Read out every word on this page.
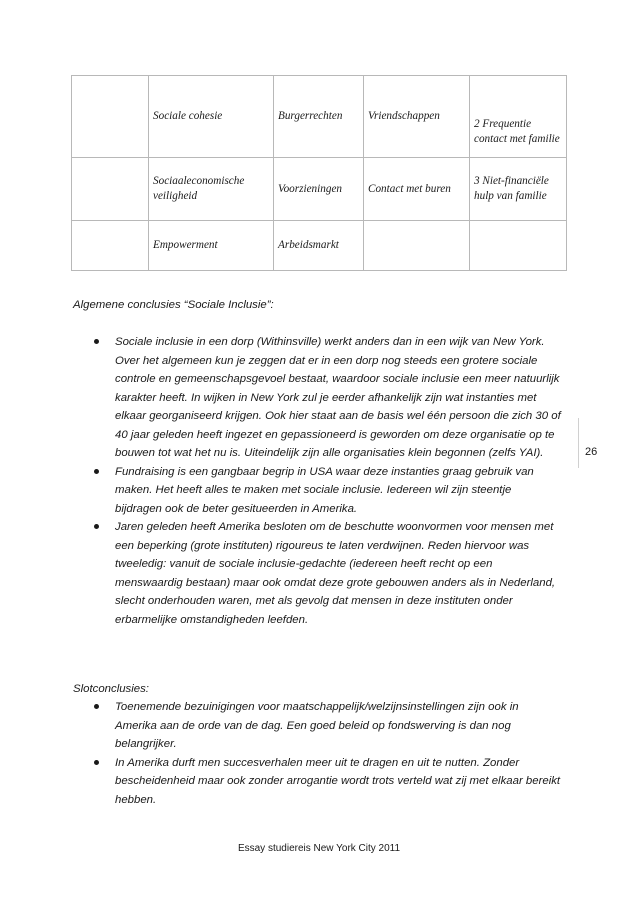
	Sociale cohesie	Burgerrechten	Vriendschappen	2 Frequentie contact met familie
	Sociaaleconomische veiligheid	Voorzieningen	Contact met buren	3 Niet-financiële hulp van familie
	Empowerment	Arbeidsmarkt		
Algemene conclusies “Sociale Inclusie”:
Sociale inclusie in een dorp (Withinsville) werkt anders dan in een wijk van New York. Over het algemeen kun je zeggen dat er in een dorp nog steeds een grotere sociale controle en gemeenschapsgevoel bestaat, waardoor sociale inclusie een meer natuurlijk karakter heeft. In wijken in New York zul je eerder afhankelijk zijn wat instanties met elkaar georganiseerd krijgen. Ook hier staat aan de basis wel één persoon die zich 30 of 40 jaar geleden heeft ingezet en gepassioneerd is geworden om deze organisatie op te bouwen tot wat het nu is. Uiteindelijk zijn alle organisaties klein begonnen (zelfs YAI).
Fundraising is een gangbaar begrip in USA waar deze instanties graag gebruik van maken. Het heeft alles te maken met sociale inclusie. Iedereen wil zijn steentje bijdragen ook de beter gesitueerden in Amerika.
Jaren geleden heeft Amerika besloten om de beschutte woonvormen voor mensen met een beperking (grote instituten) rigoureus te laten verdwijnen. Reden hiervoor was tweeledig: vanuit de sociale inclusie-gedachte (iedereen heeft recht op een menswaardig bestaan) maar ook omdat deze grote gebouwen anders als in Nederland, slecht onderhouden waren, met als gevolg dat mensen in deze instituten onder erbarmelijke omstandigheden leefden.
Slotconclusies:
Toenemende bezuinigingen voor maatschappelijk/welzijnsinstellingen zijn ook in Amerika aan de orde van de dag. Een goed beleid op fondswerving is dan nog belangrijker.
In Amerika durft men succesverhalen meer uit te dragen en uit te nutten. Zonder bescheidenheid maar ook zonder arrogantie wordt trots verteld wat zij met elkaar bereikt hebben.
26
Essay studiereis New York City 2011
